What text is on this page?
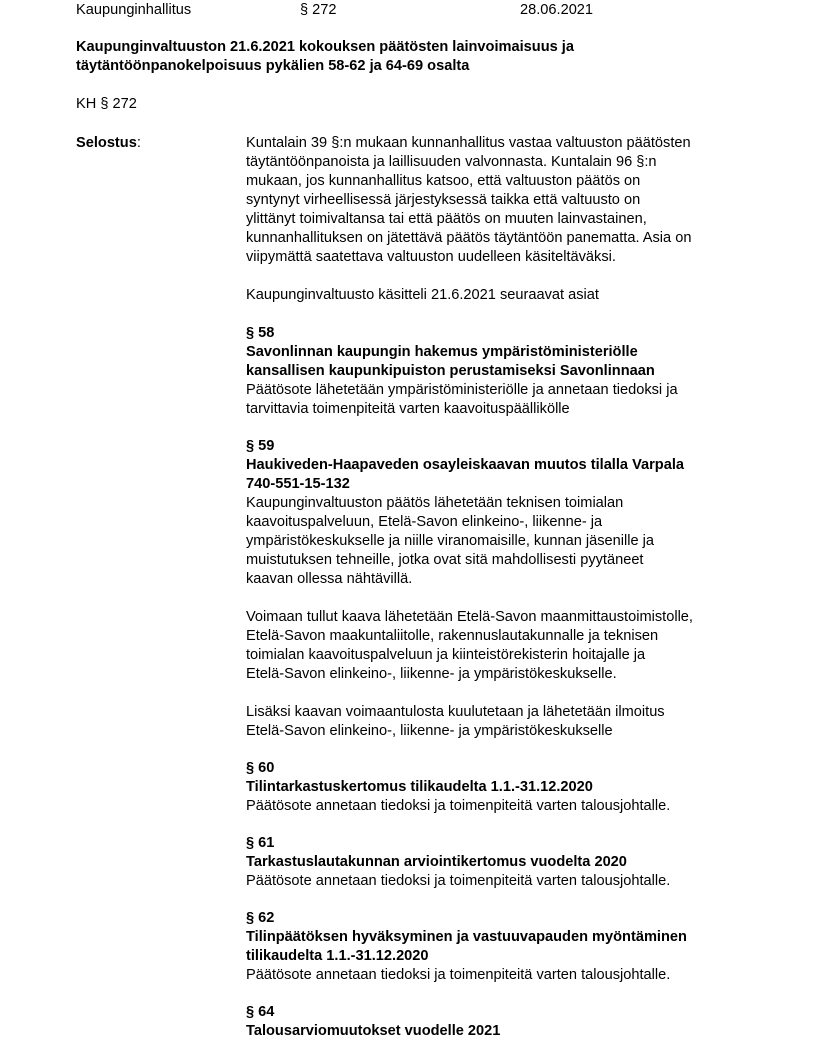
Kaupunginhallitus	§ 272	28.06.2021
Kaupunginvaltuuston 21.6.2021 kokouksen päätösten lainvoimaisuus ja
täytäntöönpanokelpoisuus pykälien 58-62 ja 64-69 osalta
KH § 272
Selostus:	Kuntalain 39 §:n mukaan kunnanhallitus vastaa valtuuston päätösten
täytäntöönpanoista ja laillisuuden valvonnasta. Kuntalain 96 §:n
mukaan, jos kunnanhallitus katsoo, että valtuuston päätös on
syntynyt virheellisessä järjestyksessä taikka että valtuusto on
ylittänyt toimivaltansa tai että päätös on muuten lainvastainen,
kunnanhallituksen on jätettävä päätös täytäntöön panematta. Asia on
viipymättä saatettava valtuuston uudelleen käsiteltäväksi.
Kaupunginvaltuusto käsitteli 21.6.2021 seuraavat asiat
§ 58
Savonlinnan kaupungin hakemus ympäristöministeriölle
kansallisen kaupunkipuiston perustamiseksi Savonlinnaan
Päätösote lähetetään ympäristöministeriölle ja annetaan tiedoksi ja
tarvittavia toimenpiteitä varten kaavoituspäällikölle
§ 59
Haukiveden-Haapaveden osayleiskaavan muutos tilalla Varpala
740-551-15-132
Kaupunginvaltuuston päätös lähetetään teknisen toimialan
kaavoituspalveluun, Etelä-Savon elinkeino-, liikenne- ja
ympäristökeskukselle ja niille viranomaisille, kunnan jäsenille ja
muistutuksen tehneille, jotka ovat sitä mahdollisesti pyytäneet
kaavan ollessa nähtävillä.
Voimaan tullut kaava lähetetään Etelä-Savon maanmittaustoimistolle,
Etelä-Savon maakuntaliitolle, rakennuslautakunnalle ja teknisen
toimialan kaavoituspalveluun ja kiinteistörekisterin hoitajalle ja
Etelä-Savon elinkeino-, liikenne- ja ympäristökeskukselle.
Lisäksi kaavan voimaantulosta kuulutetaan ja lähetetään ilmoitus
Etelä-Savon elinkeino-, liikenne- ja ympäristökeskukselle
§ 60
Tilintarkastuskertomus tilikaudelta 1.1.-31.12.2020
Päätösote annetaan tiedoksi ja toimenpiteitä varten talousjohtalle.
§ 61
Tarkastuslautakunnan arviointikertomus vuodelta 2020
Päätösote annetaan tiedoksi ja toimenpiteitä varten talousjohtalle.
§ 62
Tilinpäätöksen hyväksyminen ja vastuuvapauden myöntäminen
tilikaudelta 1.1.-31.12.2020
Päätösote annetaan tiedoksi ja toimenpiteitä varten talousjohtalle.
§ 64
Talousarviomuutokset vuodelle 2021
